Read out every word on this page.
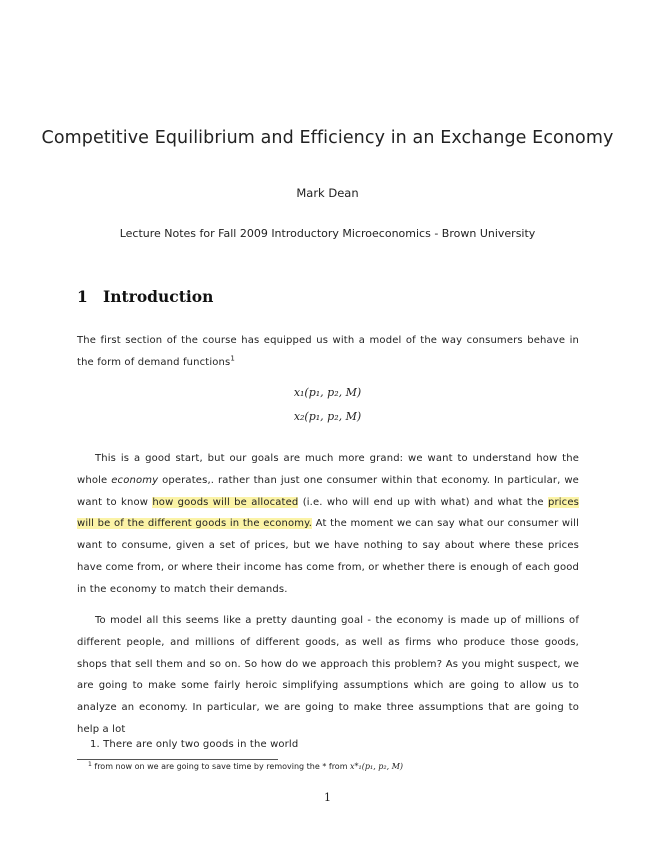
Competitive Equilibrium and Efficiency in an Exchange Economy
Mark Dean
Lecture Notes for Fall 2009 Introductory Microeconomics - Brown University
1 Introduction
The first section of the course has equipped us with a model of the way consumers behave in the form of demand functions$^1$
x₁(p₁, p₂, M)
x₂(p₁, p₂, M)
This is a good start, but our goals are much more grand: we want to understand how the whole economy operates,. rather than just one consumer within that economy. In particular, we want to know how goods will be allocated (i.e. who will end up with what) and what the prices will be of the different goods in the economy. At the moment we can say what our consumer will want to consume, given a set of prices, but we have nothing to say about where these prices have come from, or where their income has come from, or whether there is enough of each good in the economy to match their demands.
To model all this seems like a pretty daunting goal - the economy is made up of millions of different people, and millions of different goods, as well as firms who produce those goods, shops that sell them and so on. So how do we approach this problem? As you might suspect, we are going to make some fairly heroic simplifying assumptions which are going to allow us to analyze an economy. In particular, we are going to make three assumptions that are going to help a lot
1. There are only two goods in the world
$^1$ from now on we are going to save time by removing the * from x*₁(p₁, p₂, M)
1
